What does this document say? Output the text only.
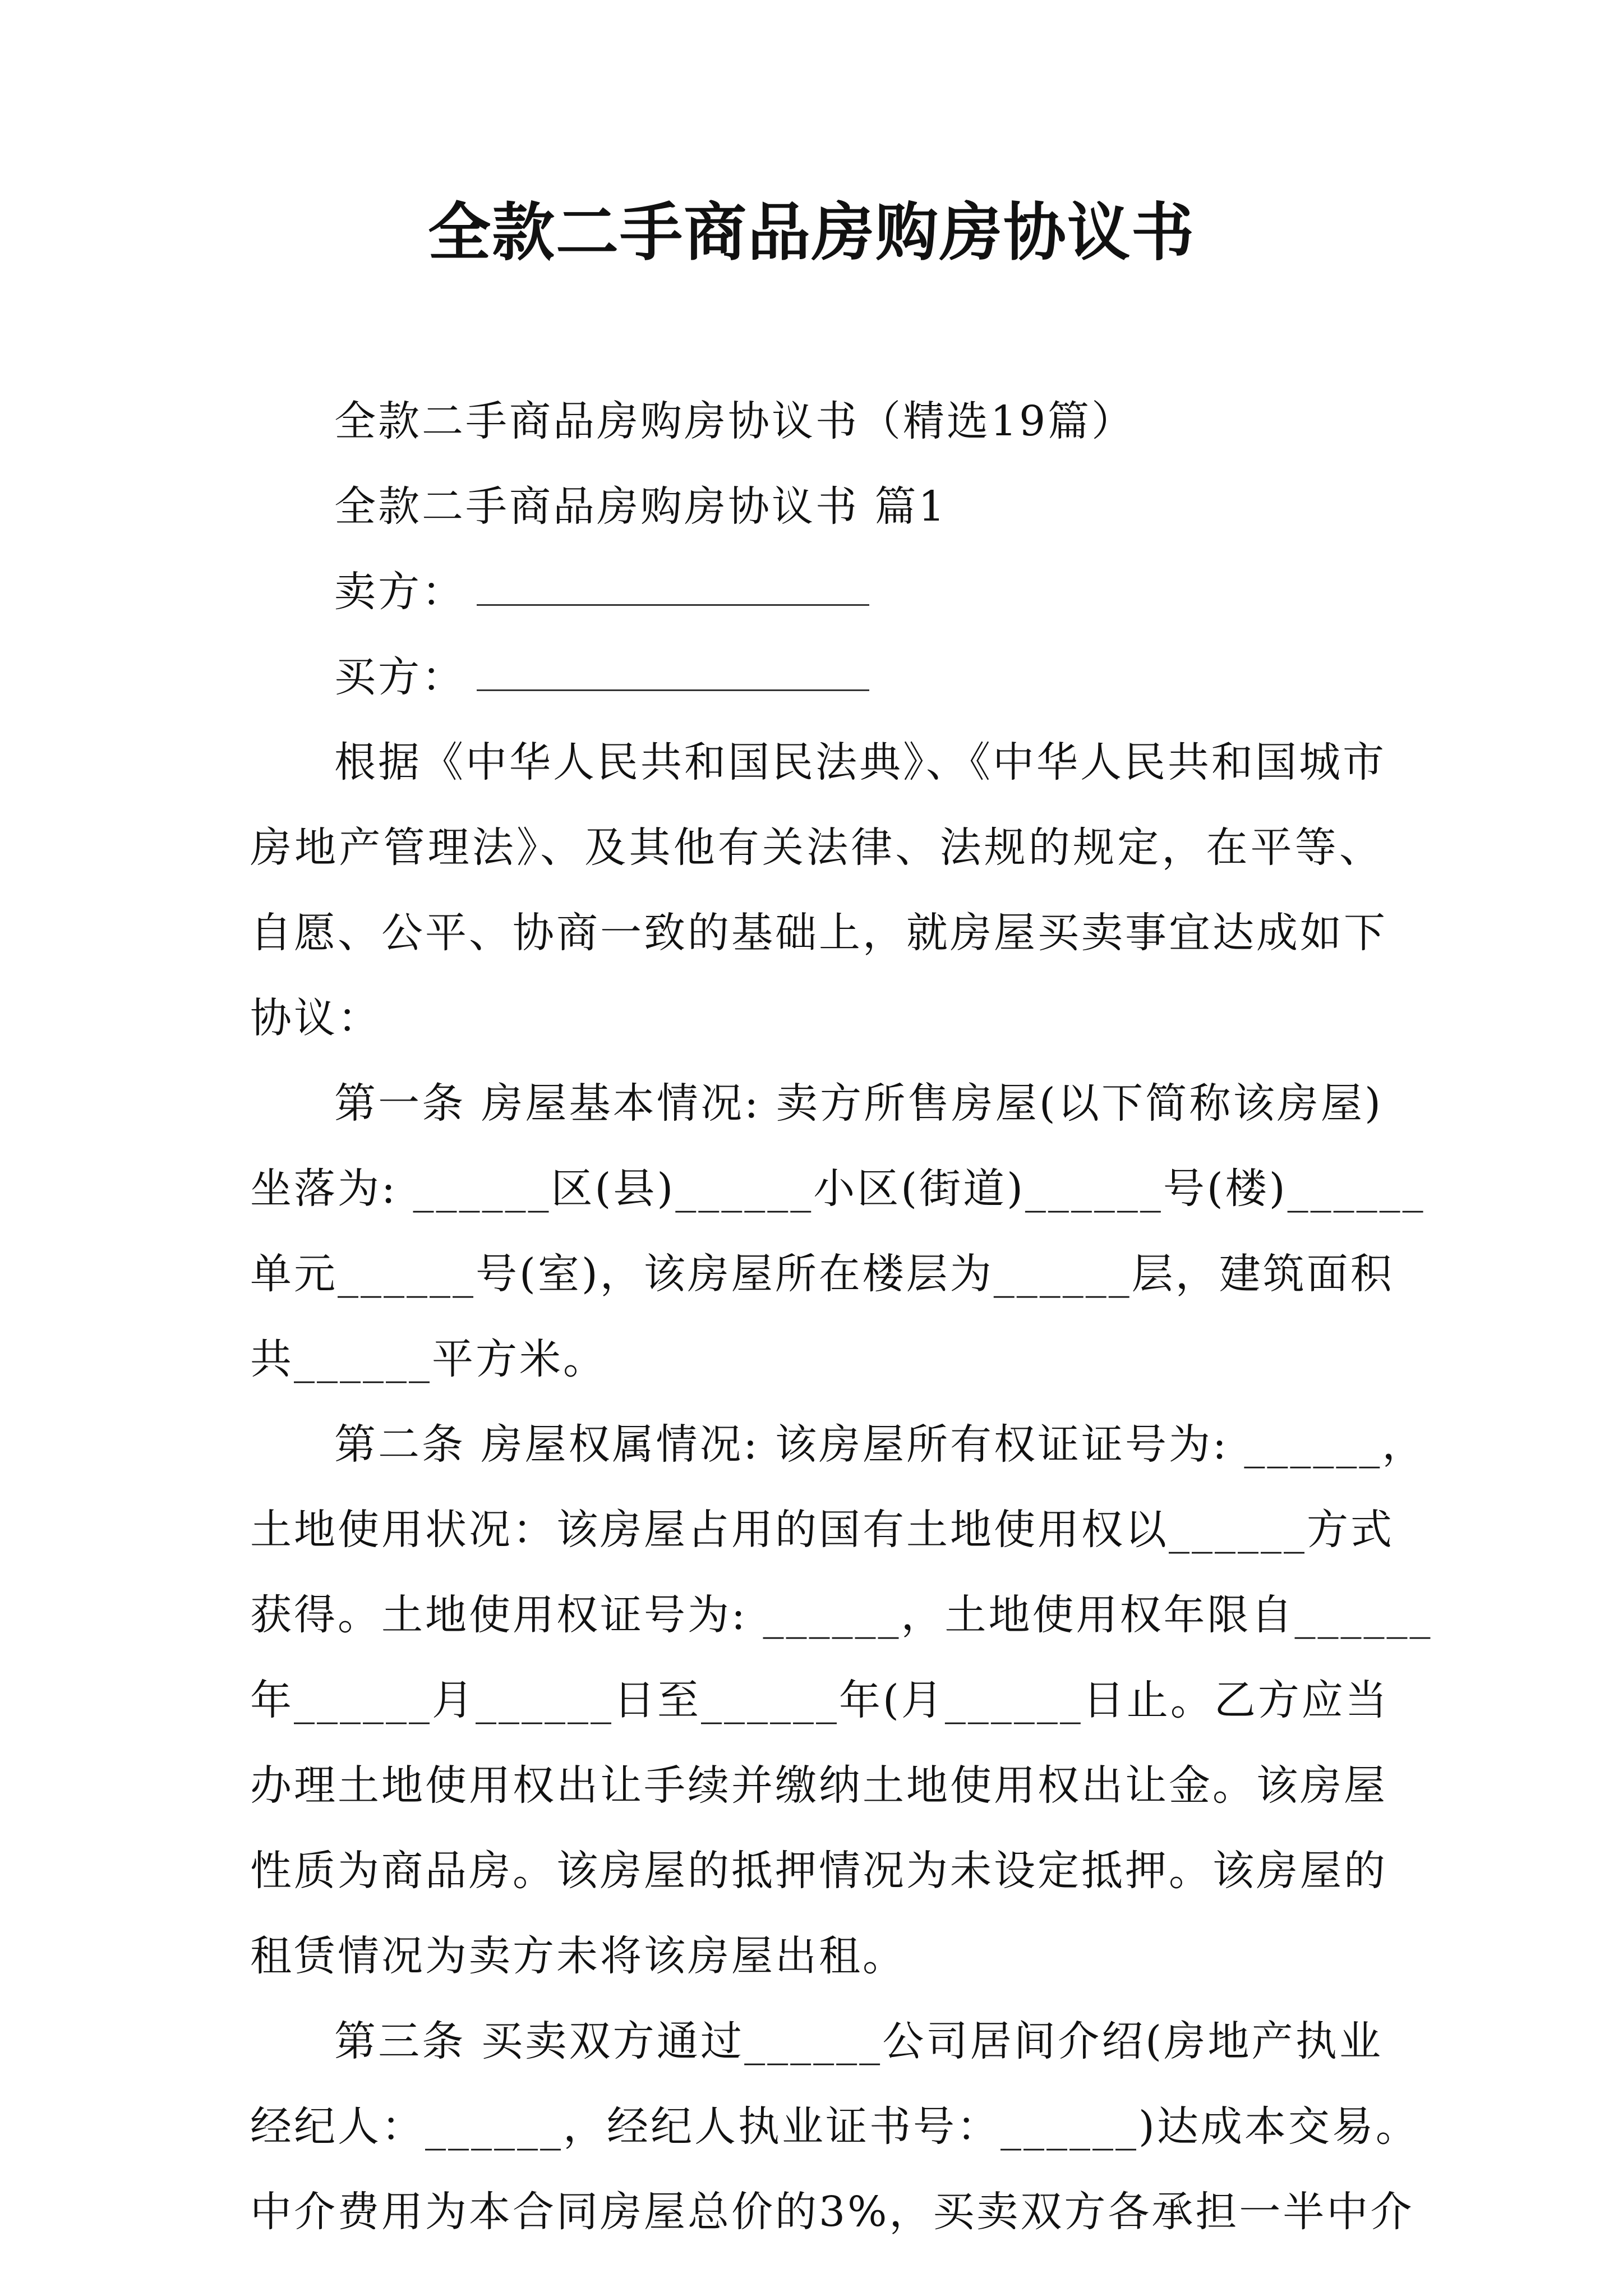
全款二手商品房购房协议书
全款二手商品房购房协议书（精选19篇）
全款二手商品房购房协议书 篇1
卖方：
买方：
根据《中华人民共和国民法典》、《中华人民共和国城市
房地产管理法》、及其他有关法律、法规的规定，在平等、
自愿、公平、协商一致的基础上，就房屋买卖事宜达成如下
协议：
第一条 房屋基本情况: 卖方所售房屋(以下简称该房屋)
坐落为: ______区(县)______小区(街道)______号(楼)______
单元______号(室)，该房屋所在楼层为______层，建筑面积
共______平方米。
第二条 房屋权属情况: 该房屋所有权证证号为: ______，
土地使用状况：该房屋占用的国有土地使用权以______方式
获得。土地使用权证号为: ______，土地使用权年限自______
年______月______日至______年(月______日止。乙方应当
办理土地使用权出让手续并缴纳土地使用权出让金。该房屋
性质为商品房。该房屋的抵押情况为未设定抵押。该房屋的
租赁情况为卖方未将该房屋出租。
第三条 买卖双方通过______公司居间介绍(房地产执业
经纪人：______，经纪人执业证书号：______)达成本交易。
中介费用为本合同房屋总价的3%，买卖双方各承担一半中介
